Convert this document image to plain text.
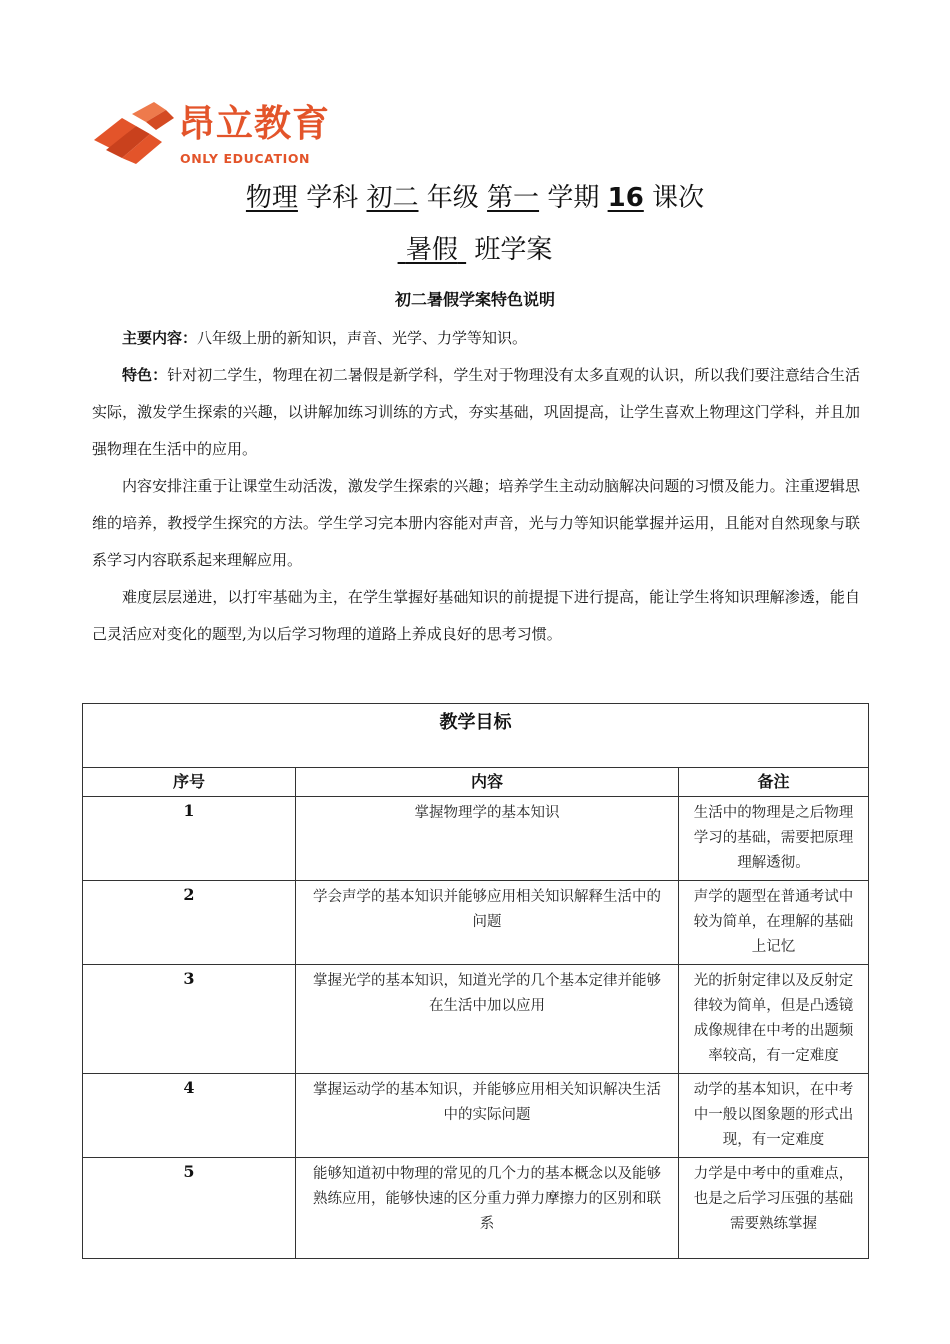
昂立教育
ONLY EDUCATION
物理 学科 初二 年级 第一 学期 16 课次
暑假 班学案
初二暑假学案特色说明

主要内容：八年级上册的新知识，声音、光学、力学等知识。

特色：针对初二学生，物理在初二暑假是新学科，学生对于物理没有太多直观的认识，所以我们要注意结合生活实际，激发学生探索的兴趣，以讲解加练习训练的方式，夯实基础，巩固提高，让学生喜欢上物理这门学科，并且加强物理在生活中的应用。

内容安排注重于让课堂生动活泼，激发学生探索的兴趣；培养学生主动动脑解决问题的习惯及能力。注重逻辑思维的培养，教授学生探究的方法。学生学习完本册内容能对声音，光与力等知识能掌握并运用，且能对自然现象与联系学习内容联系起来理解应用。

难度层层递进，以打牢基础为主，在学生掌握好基础知识的前提提下进行提高，能让学生将知识理解渗透，能自己灵活应对变化的题型,为以后学习物理的道路上养成良好的思考习惯。

教学目标		
序号	内容	备注
1	掌握物理学的基本知识	生活中的物理是之后物理学习的基础，需要把原理理解透彻。
2	学会声学的基本知识并能够应用相关知识解释生活中的问题	声学的题型在普通考试中较为简单，在理解的基础上记忆
3	掌握光学的基本知识，知道光学的几个基本定律并能够在生活中加以应用	光的折射定律以及反射定律较为简单，但是凸透镜成像规律在中考的出题频率较高，有一定难度
4	掌握运动学的基本知识，并能够应用相关知识解决生活中的实际问题	动学的基本知识，在中考中一般以图象题的形式出现，有一定难度
5	能够知道初中物理的常见的几个力的基本概念以及能够熟练应用，能够快速的区分重力弹力摩擦力的区别和联系	力学是中考中的重难点，也是之后学习压强的基础需要熟练掌握
